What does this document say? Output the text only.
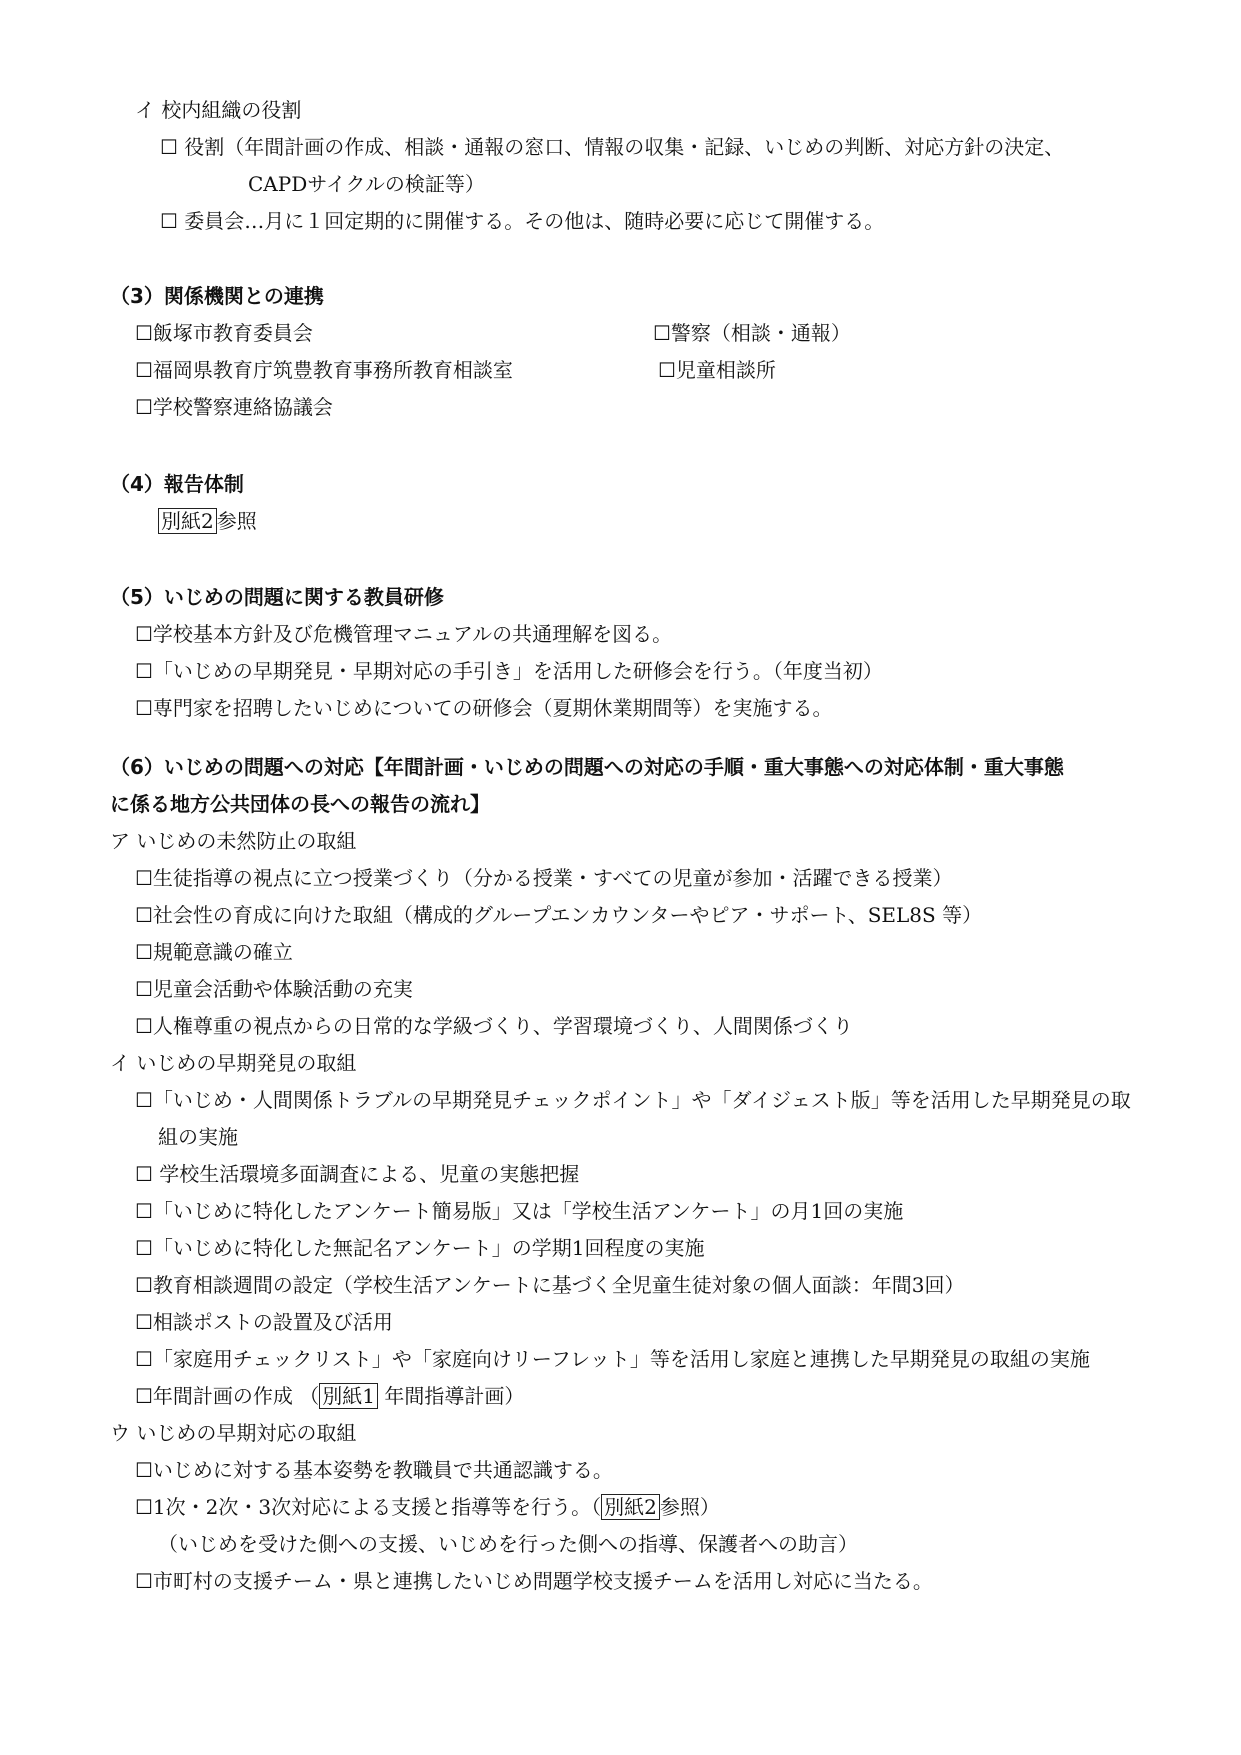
イ 校内組織の役割
☐ 役割（年間計画の作成、相談・通報の窓口、情報の収集・記録、いじめの判断、対応方針の決定、
CAPDサイクルの検証等）
☐ 委員会…月に１回定期的に開催する。その他は、随時必要に応じて開催する。
（3）関係機関との連携
☐飯塚市教育委員会	☐警察（相談・通報）
☐福岡県教育庁筑豊教育事務所教育相談室	☐児童相談所
☐学校警察連絡協議会
（4）報告体制
別紙2 参照
（5）いじめの問題に関する教員研修
☐学校基本方針及び危機管理マニュアルの共通理解を図る。
☐「いじめの早期発見・早期対応の手引き」を活用した研修会を行う。（年度当初）
☐専門家を招聘したいじめについての研修会（夏期休業期間等）を実施する。
（6）いじめの問題への対応【年間計画・いじめの問題への対応の手順・重大事態への対応体制・重大事態
に係る地方公共団体の長への報告の流れ】
ア いじめの未然防止の取組
☐生徒指導の視点に立つ授業づくり（分かる授業・すべての児童が参加・活躍できる授業）
☐社会性の育成に向けた取組（構成的グループエンカウンターやピア・サポート、SEL8S 等）
☐規範意識の確立
☐児童会活動や体験活動の充実
☐人権尊重の視点からの日常的な学級づくり、学習環境づくり、人間関係づくり
イ いじめの早期発見の取組
☐「いじめ・人間関係トラブルの早期発見チェックポイント」や「ダイジェスト版」等を活用した早期発見の取
組の実施
☐ 学校生活環境多面調査による、児童の実態把握
☐「いじめに特化したアンケート簡易版」又は「学校生活アンケート」の月1回の実施
☐「いじめに特化した無記名アンケート」の学期1回程度の実施
☐教育相談週間の設定（学校生活アンケートに基づく全児童生徒対象の個人面談：年間3回）
☐相談ポストの設置及び活用
☐「家庭用チェックリスト」や「家庭向けリーフレット」等を活用し家庭と連携した早期発見の取組の実施
☐年間計画の作成 （ 別紙1 年間指導計画）
ウ いじめの早期対応の取組
☐いじめに対する基本姿勢を教職員で共通認識する。
☐1次・2次・3次対応による支援と指導等を行う。（ 別紙2 参照）
（いじめを受けた側への支援、いじめを行った側への指導、保護者への助言）
☐市町村の支援チーム・県と連携したいじめ問題学校支援チームを活用し対応に当たる。
